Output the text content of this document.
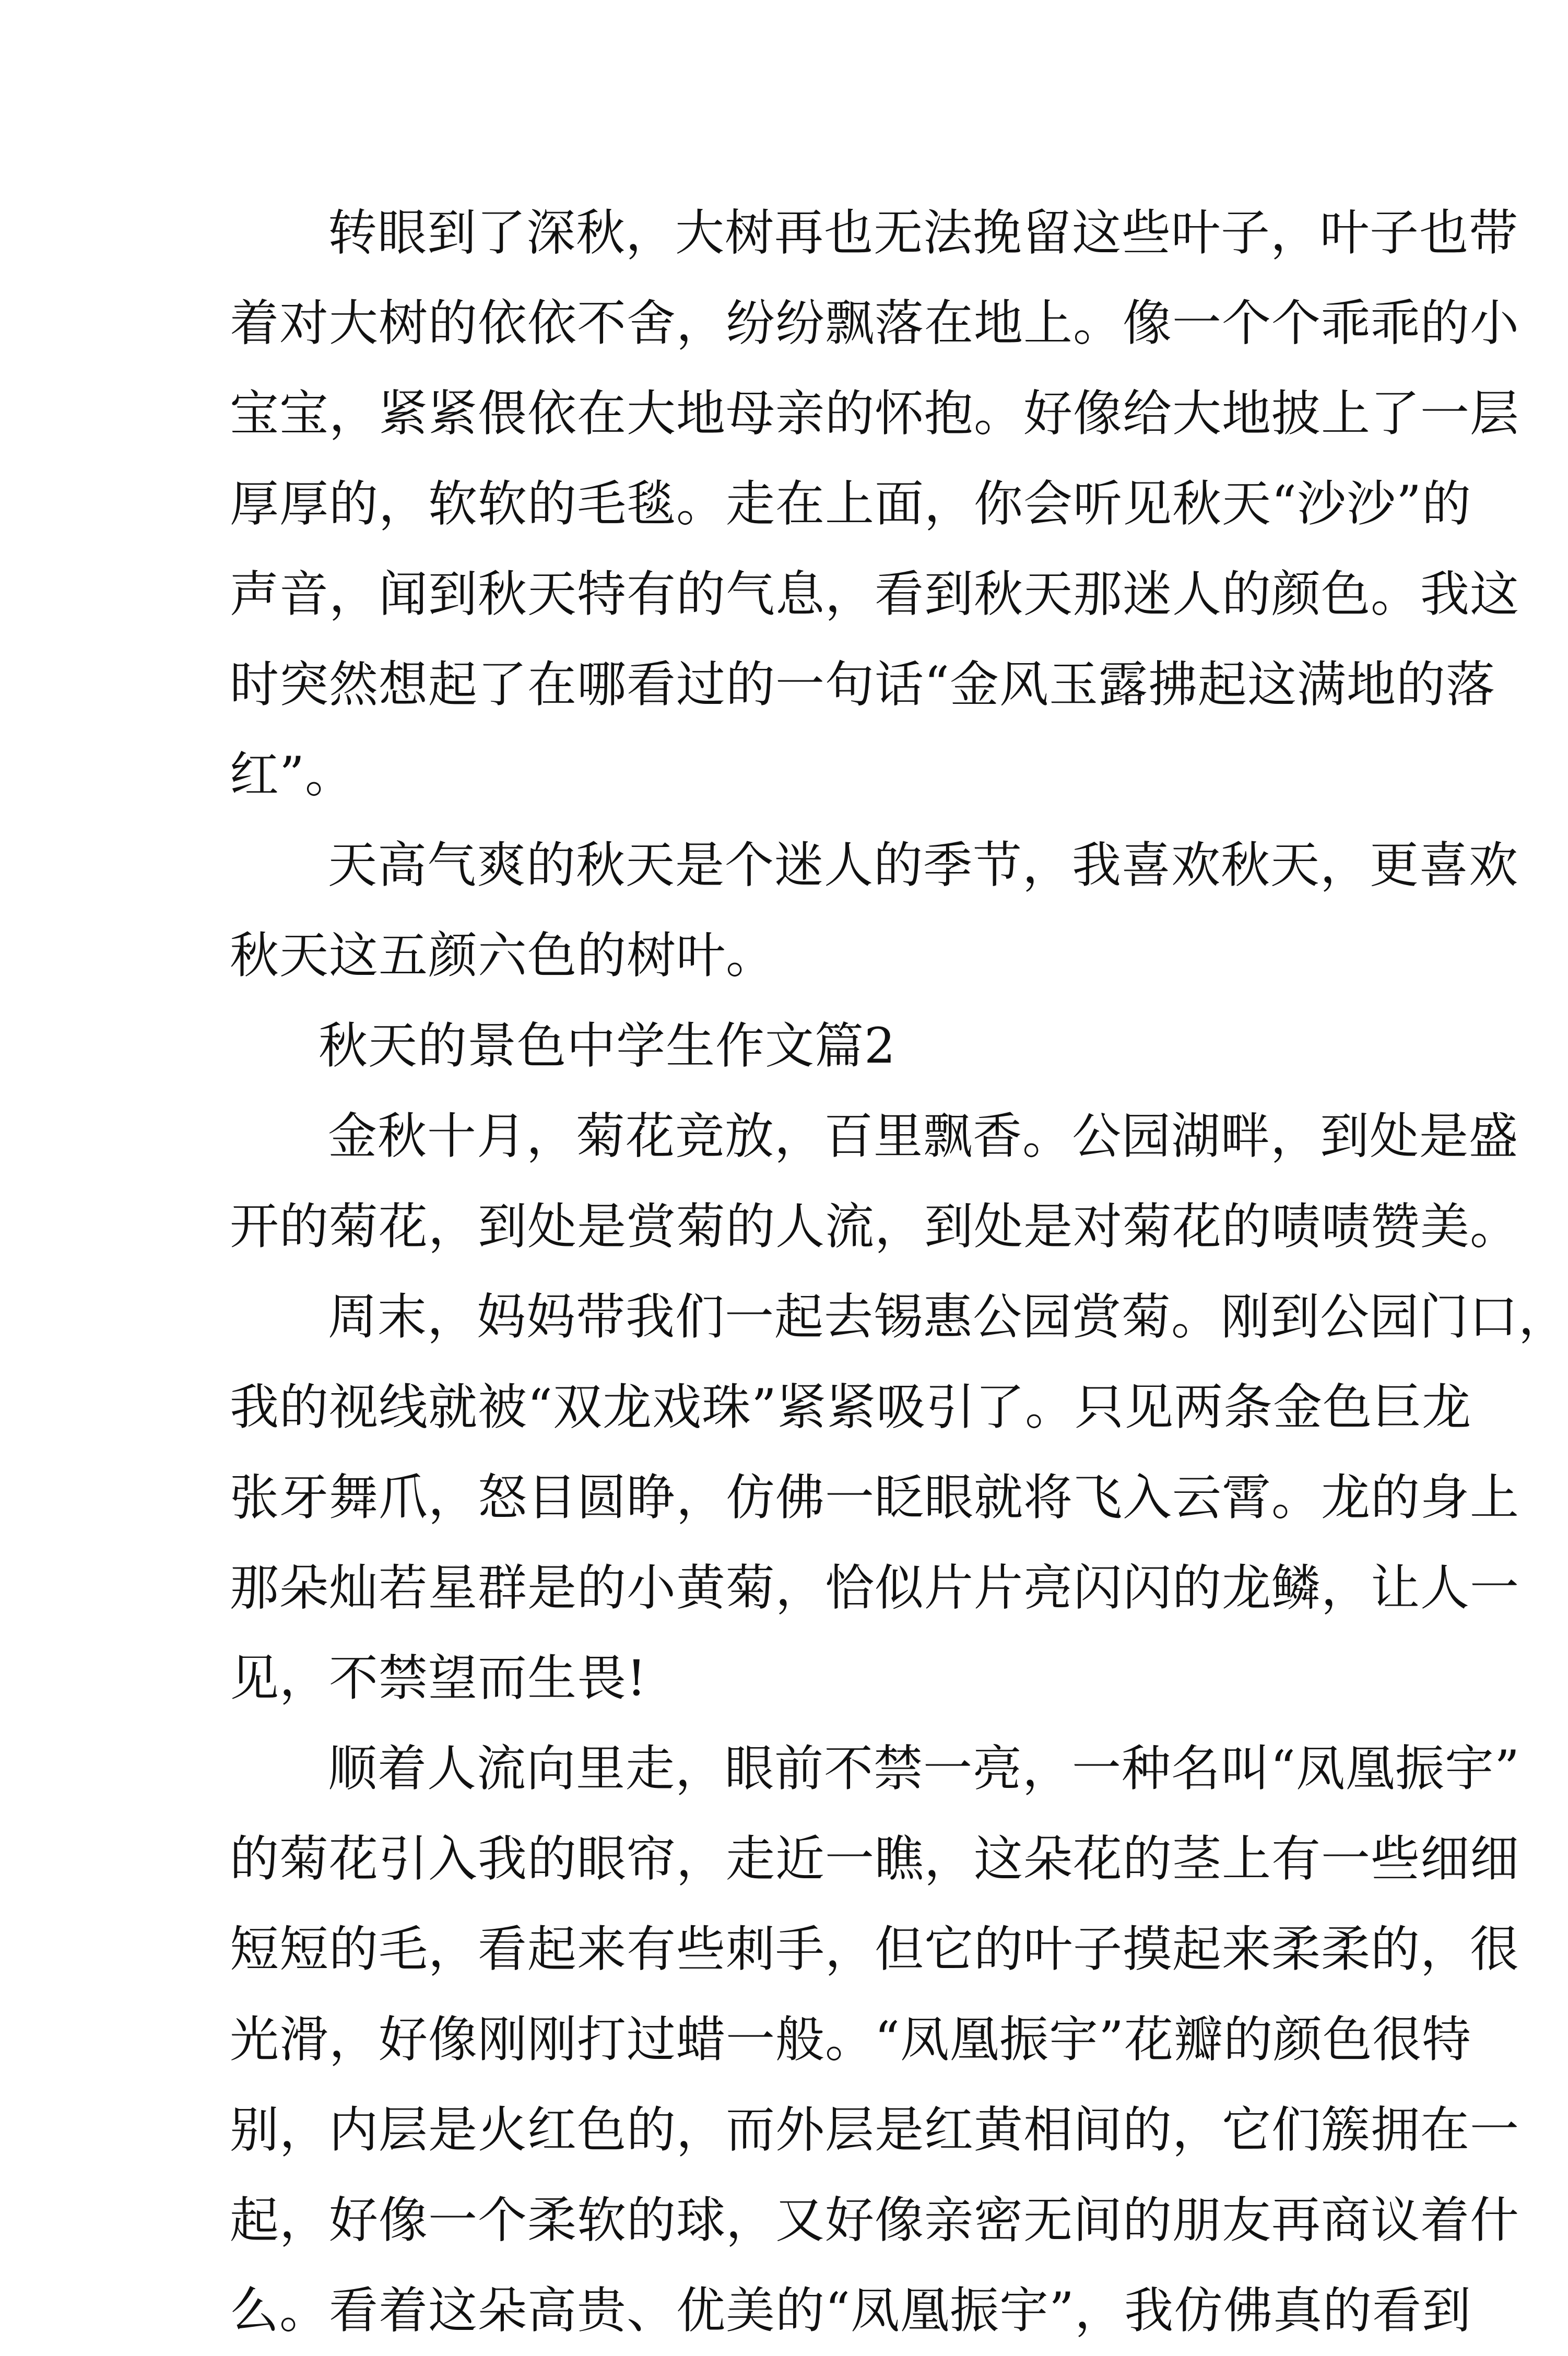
转眼到了深秋，大树再也无法挽留这些叶子，叶子也带
着对大树的依依不舍，纷纷飘落在地上。像一个个乖乖的小
宝宝，紧紧偎依在大地母亲的怀抱。好像给大地披上了一层
厚厚的，软软的毛毯。走在上面，你会听见秋天“沙沙”的
声音，闻到秋天特有的气息，看到秋天那迷人的颜色。我这
时突然想起了在哪看过的一句话“金风玉露拂起这满地的落
红”。
天高气爽的秋天是个迷人的季节，我喜欢秋天，更喜欢
秋天这五颜六色的树叶。
秋天的景色中学生作文篇2
金秋十月，菊花竞放，百里飘香。公园湖畔，到处是盛
开的菊花，到处是赏菊的人流，到处是对菊花的啧啧赞美。
周末，妈妈带我们一起去锡惠公园赏菊。刚到公园门口，
我的视线就被“双龙戏珠”紧紧吸引了。只见两条金色巨龙
张牙舞爪，怒目圆睁，仿佛一眨眼就将飞入云霄。龙的身上
那朵灿若星群是的小黄菊，恰似片片亮闪闪的龙鳞，让人一
见，不禁望而生畏!
顺着人流向里走，眼前不禁一亮，一种名叫“凤凰振宇”
的菊花引入我的眼帘，走近一瞧，这朵花的茎上有一些细细
短短的毛，看起来有些刺手，但它的叶子摸起来柔柔的，很
光滑，好像刚刚打过蜡一般。“凤凰振宇”花瓣的颜色很特
别，内层是火红色的，而外层是红黄相间的，它们簇拥在一
起，好像一个柔软的球，又好像亲密无间的朋友再商议着什
么。看着这朵高贵、优美的“凤凰振宇”，我仿佛真的看到
